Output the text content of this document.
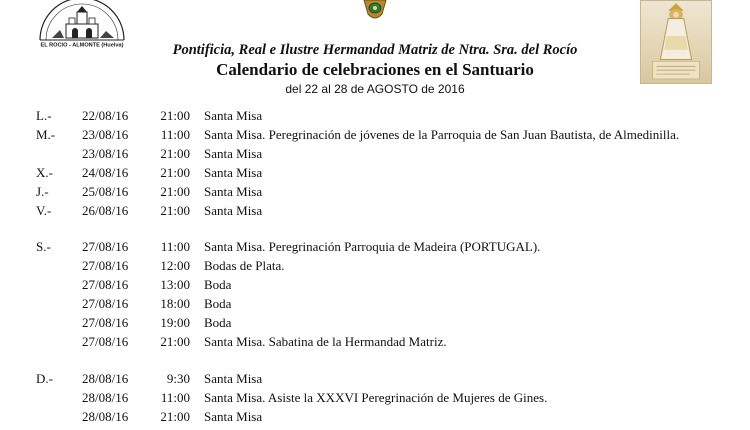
EL ROCIO - ALMONTE (Huelva)	Pontificia, Real e Ilustre Hermandad Matriz de Ntra. Sra. del Rocío
Calendario de celebraciones en el Santuario
del 22 al 28 de AGOSTO de 2016
L.- 22/08/16	21:00 Santa Misa
M.- 23/08/16	11:00 Santa Misa. Peregrinación de jóvenes de la Parroquia de San Juan Bautista, de Almedinilla.
23/08/16	21:00 Santa Misa
X.- 24/08/16	21:00 Santa Misa
J.-	25/08/16	21:00 Santa Misa
V.- 26/08/16	21:00 Santa Misa
S.- 27/08/16	11:00 Santa Misa. Peregrinación Parroquia de Madeira (PORTUGAL).
27/08/16	12:00 Bodas de Plata.
27/08/16	13:00 Boda
27/08/16	18:00 Boda
27/08/16	19:00 Boda
27/08/16	21:00 Santa Misa. Sabatina de la Hermandad Matriz.
D.- 28/08/16	9:30 Santa Misa
28/08/16	11:00 Santa Misa. Asiste la XXXVI Peregrinación de Mujeres de Gines.
28/08/16	21:00 Santa Misa
